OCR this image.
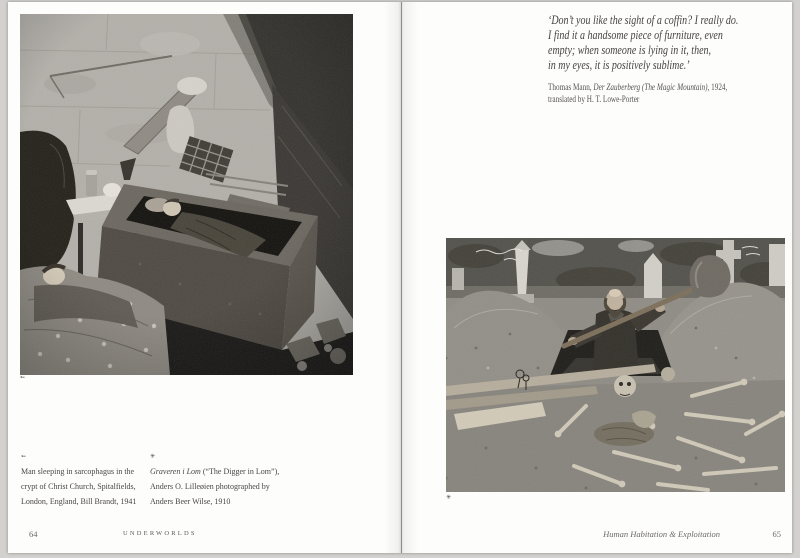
➳
➳
Man sleeping in sarcophagus in the
crypt of Christ Church, Spitalfields,
London, England, Bill Brandt, 1941
✳
Graveren i Lom (“The Digger in Lom”),
Anders O. Lilleøien photographed by
Anders Beer Wilse, 1910
64	UNDERWORLDS
‘Don’t you like the sight of a coffin? I really do.
I find it a handsome piece of furniture, even
empty; when someone is lying in it, then,
in my eyes, it is positively sublime.’
Thomas Mann, Der Zauberberg (The Magic Mountain), 1924,
translated by H. T. Lowe-Porter
✳
Human Habitation & Exploitation	65
